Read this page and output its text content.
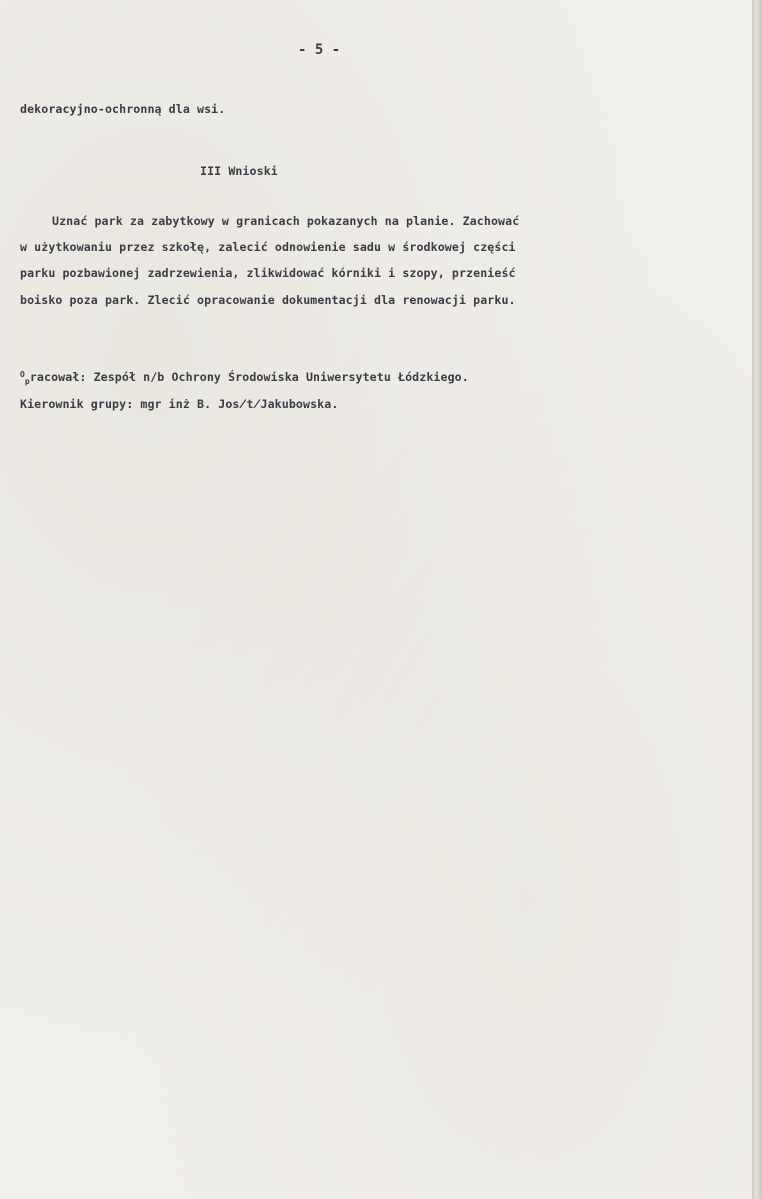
- 5 -
dekoracyjno-ochronną dla wsi.
III Wnioski
Uznać park za zabytkowy w granicach pokazanych na planie. Zachować
w użytkowaniu przez szkołę, zalecić odnowienie sadu w środkowej części
parku pozbawionej zadrzewienia, zlikwidować kórniki i szopy, przenieść
boisko poza park. Zlecić opracowanie dokumentacji dla renowacji parku.
$^O_p$racował: Zespół n/b Ochrony Środowiska Uniwersytetu Łódzkiego.
Kierownik grupy: mgr inż B. Jos̸t̸Jakubowska.
